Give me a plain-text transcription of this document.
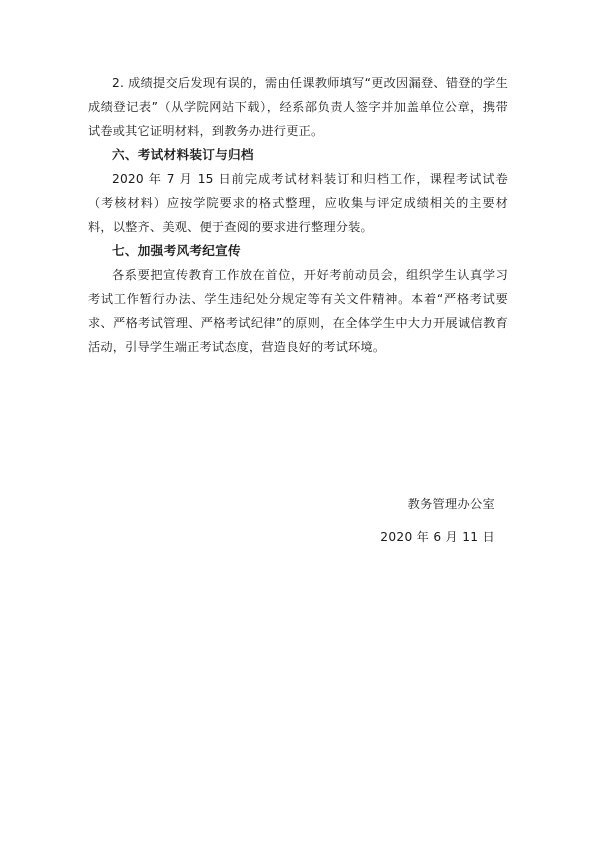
2. 成绩提交后发现有误的，需由任课教师填写“更改因漏登、错登的学生成绩登记表”（从学院网站下载），经系部负责人签字并加盖单位公章，携带试卷或其它证明材料，到教务办进行更正。

六、考试材料装订与归档

2020 年 7 月 15 日前完成考试材料装订和归档工作，课程考试试卷（考核材料）应按学院要求的格式整理，应收集与评定成绩相关的主要材料，以整齐、美观、便于查阅的要求进行整理分装。

七、加强考风考纪宣传

各系要把宣传教育工作放在首位，开好考前动员会，组织学生认真学习考试工作暂行办法、学生违纪处分规定等有关文件精神。本着“严格考试要求、严格考试管理、严格考试纪律”的原则，在全体学生中大力开展诚信教育活动，引导学生端正考试态度，营造良好的考试环境。

教务管理办公室
2020 年 6 月 11 日
